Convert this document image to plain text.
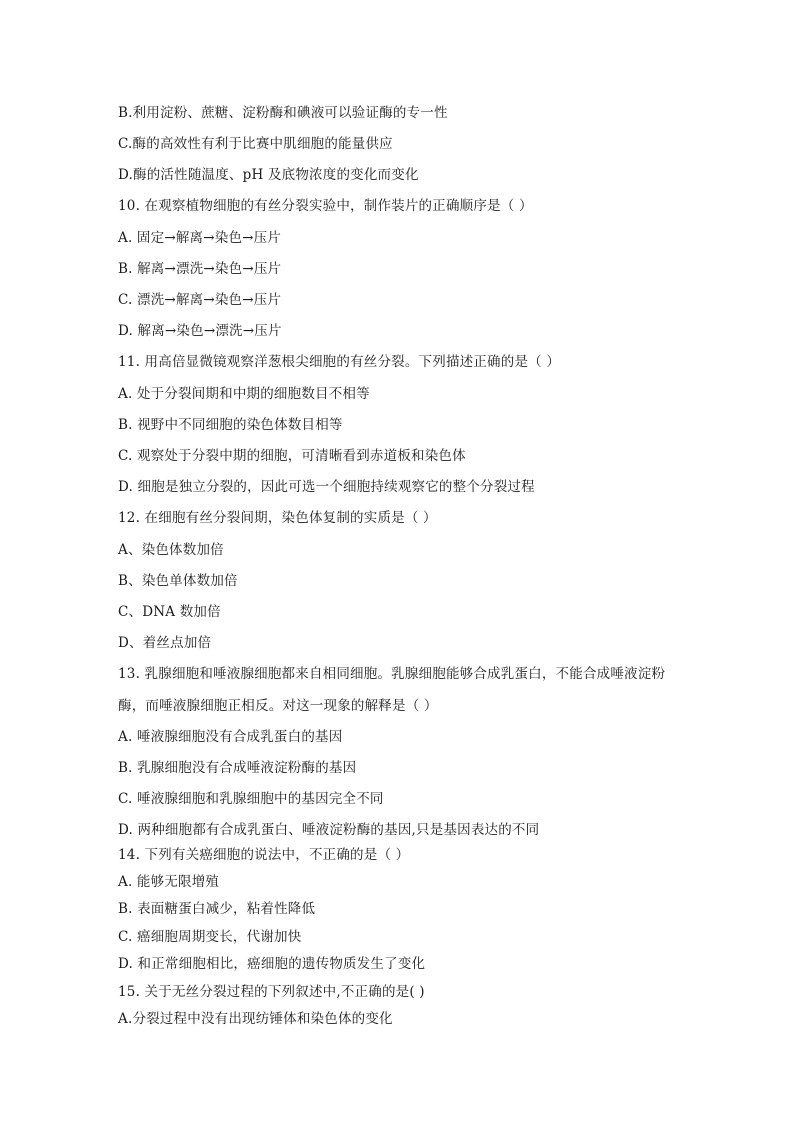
B.利用淀粉、蔗糖、淀粉酶和碘液可以验证酶的专一性
C.酶的高效性有利于比赛中肌细胞的能量供应
D.酶的活性随温度、pH 及底物浓度的变化而变化
10. 在观察植物细胞的有丝分裂实验中，制作装片的正确顺序是（ ）
A. 固定→解离→染色→压片
B. 解离→漂洗→染色→压片
C. 漂洗→解离→染色→压片
D. 解离→染色→漂洗→压片
11. 用高倍显微镜观察洋葱根尖细胞的有丝分裂。下列描述正确的是（ ）
A. 处于分裂间期和中期的细胞数目不相等
B. 视野中不同细胞的染色体数目相等
C. 观察处于分裂中期的细胞，可清晰看到赤道板和染色体
D. 细胞是独立分裂的，因此可选一个细胞持续观察它的整个分裂过程
12. 在细胞有丝分裂间期，染色体复制的实质是（ ）
A、染色体数加倍
B、染色单体数加倍
C、DNA 数加倍
D、着丝点加倍
13. 乳腺细胞和唾液腺细胞都来自相同细胞。乳腺细胞能够合成乳蛋白，不能合成唾液淀粉
酶，而唾液腺细胞正相反。对这一现象的解释是（ ）
A. 唾液腺细胞没有合成乳蛋白的基因
B. 乳腺细胞没有合成唾液淀粉酶的基因
C. 唾液腺细胞和乳腺细胞中的基因完全不同
D. 两种细胞都有合成乳蛋白、唾液淀粉酶的基因,只是基因表达的不同
14. 下列有关癌细胞的说法中，不正确的是（ ）
A. 能够无限增殖
B. 表面糖蛋白减少，粘着性降低
C. 癌细胞周期变长，代谢加快
D. 和正常细胞相比，癌细胞的遗传物质发生了变化
15. 关于无丝分裂过程的下列叙述中,不正确的是( )
A.分裂过程中没有出现纺锤体和染色体的变化
